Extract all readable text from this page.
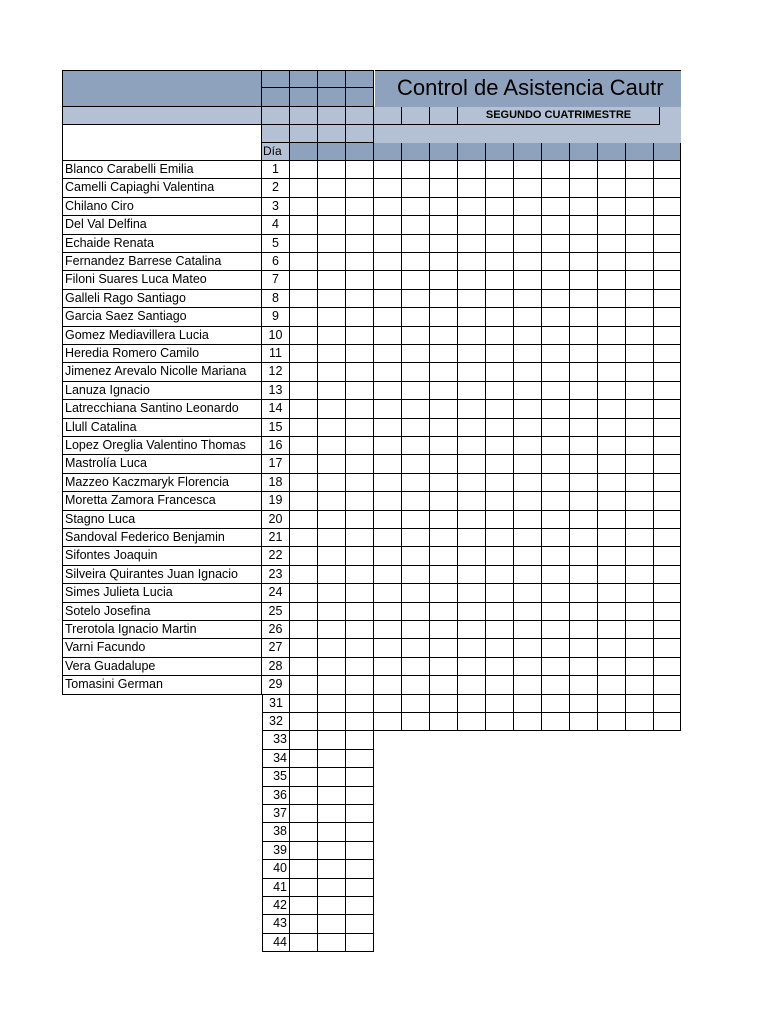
Día
Blanco Carabelli Emilia	1
Camelli Capiaghi Valentina	2
Chilano Ciro	3
Del Val Delfina	4
Echaide Renata	5
Fernandez Barrese Catalina	6
Filoni Suares Luca Mateo	7
Galleli Rago Santiago	8
Garcia Saez Santiago	9
Gomez Mediavillera Lucia	10
Heredia Romero Camilo	11
Jimenez Arevalo Nicolle Mariana	12
Lanuza Ignacio	13
Latrecchiana Santino Leonardo	14
Llull Catalina	15
Lopez Oreglia Valentino Thomas	16
Mastrolía Luca	17
Mazzeo Kaczmaryk Florencia	18
Moretta Zamora Francesca	19
Stagno Luca	20
Sandoval Federico Benjamin	21
Sifontes Joaquin	22
Silveira Quirantes Juan Ignacio	23
Simes Julieta Lucia	24
Sotelo Josefina	25
Trerotola Ignacio Martin	26
Varni Facundo	27
Vera Guadalupe	28
Tomasini German	29
31
32
33
34
35
36
37
38
39
40
41
42
43
44
Control de Asistencia Cautr
SEGUNDO CUATRIMESTRE
